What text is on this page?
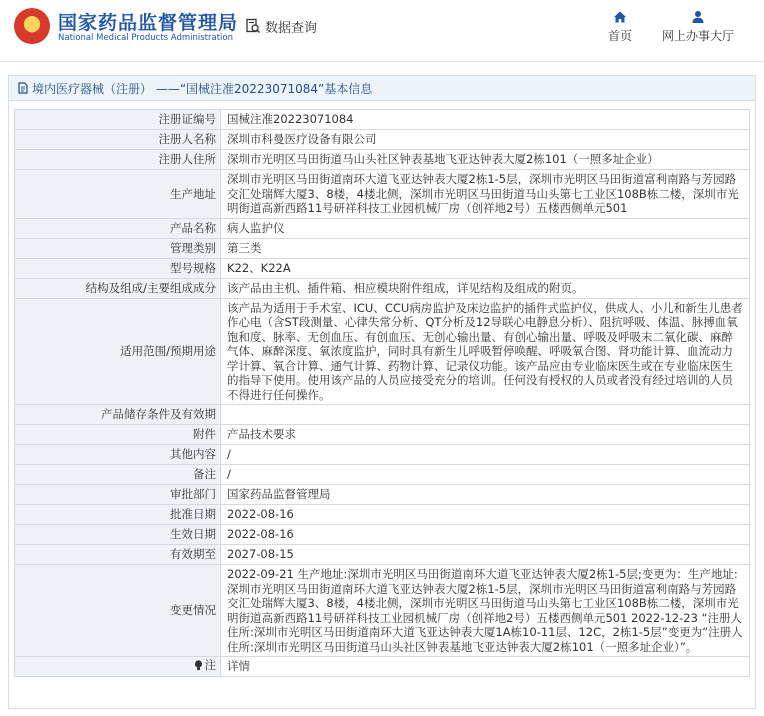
★
国家药品监督管理局
National Medical Products Administration
数据查询
首页	网上办事大厅
境内医疗器械（注册） ——“国械注准20223071084”基本信息
注册证编号	国械注准20223071084
注册人名称	深圳市科曼医疗设备有限公司
注册人住所	深圳市光明区马田街道马山头社区钟表基地飞亚达钟表大厦2栋101（一照多址企业）
生产地址	深圳市光明区马田街道南环大道飞亚达钟表大厦2栋1-5层，深圳市光明区马田街道富利南路与芳园路交汇处瑞辉大厦3、8楼，4楼北侧，深圳市光明区马田街道马山头第七工业区108B栋二楼，深圳市光明街道高新西路11号研祥科技工业园机械厂房（创祥地2号）五楼西侧单元501
产品名称	病人监护仪
管理类别	第三类
型号规格	K22、K22A
结构及组成/主要组成成分	该产品由主机、插件箱、相应模块附件组成，详见结构及组成的附页。
适用范围/预期用途	该产品为适用于手术室、ICU、CCU病房监护及床边监护的插件式监护仪，供成人、小儿和新生儿患者作心电（含ST段测量、心律失常分析、QT分析及12导联心电静息分析）、阻抗呼吸、体温、脉搏血氧饱和度、脉率、无创血压、有创血压、无创心输出量、有创心输出量、呼吸及呼吸末二氧化碳、麻醉气体、麻醉深度、氧浓度监护，同时具有新生儿呼吸暂停唤醒、呼吸氧合图、肾功能计算、血流动力学计算、氧合计算、通气计算、药物计算、记录仪功能。该产品应由专业临床医生或在专业临床医生的指导下使用。使用该产品的人员应接受充分的培训。任何没有授权的人员或者没有经过培训的人员不得进行任何操作。
产品储存条件及有效期	
附件	产品技术要求
其他内容	/
备注	/
审批部门	国家药品监督管理局
批准日期	2022-08-16
生效日期	2022-08-16
有效期至	2027-08-15
变更情况	2022-09-21 生产地址:深圳市光明区马田街道南环大道飞亚达钟表大厦2栋1-5层;变更为：生产地址:深圳市光明区马田街道南环大道飞亚达钟表大厦2栋1-5层，深圳市光明区马田街道富利南路与芳园路交汇处瑞辉大厦3、8楼，4楼北侧，深圳市光明区马田街道马山头第七工业区108B栋二楼，深圳市光明街道高新西路11号研祥科技工业园机械厂房（创祥地2号）五楼西侧单元501 2022-12-23 “注册人住所:深圳市光明区马田街道南环大道飞亚达钟表大厦1A栋10-11层、12C，2栋1-5层”变更为“注册人住所:深圳市光明区马田街道马山头社区钟表基地飞亚达钟表大厦2栋101（一照多址企业）”。

注	详情
